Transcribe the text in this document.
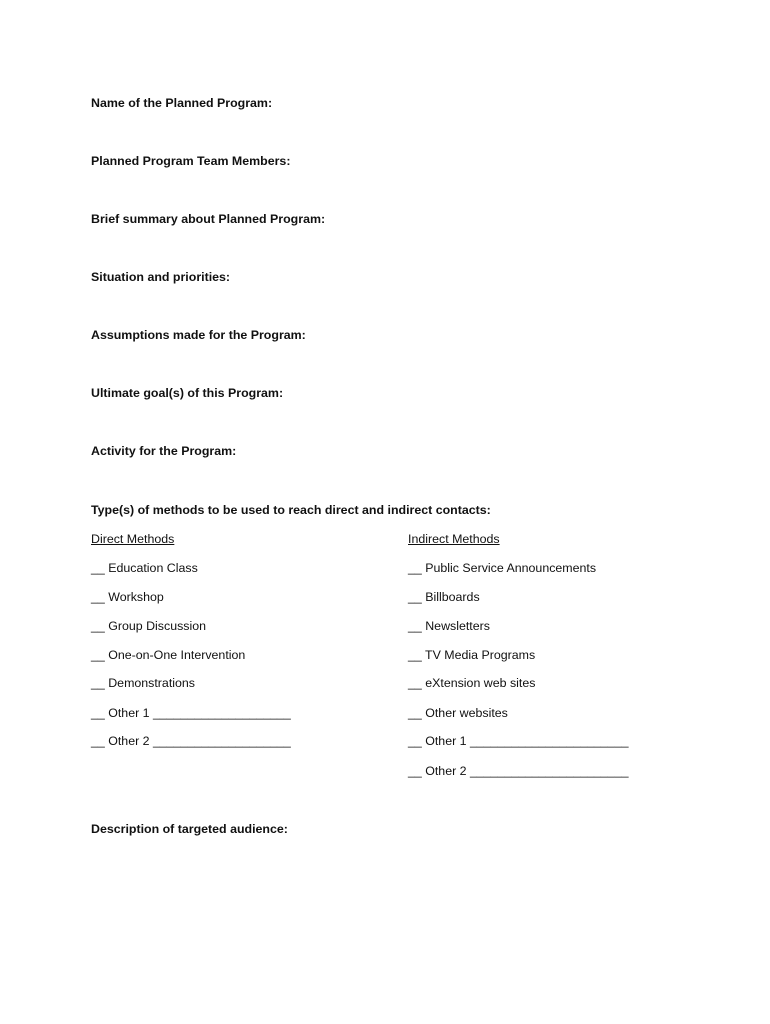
Name of the Planned Program:
Planned Program Team Members:
Brief summary about Planned Program:
Situation and priorities:
Assumptions made for the Program:
Ultimate goal(s) of this Program:
Activity for the Program:
Type(s) of methods to be used to reach direct and indirect contacts:
Direct Methods	Indirect Methods
__ Education Class
__ Workshop
__ Group Discussion
__ One-on-One Intervention
__ Demonstrations
__ Other 1 ____________________
__ Other 2 ____________________
__ Public Service Announcements
__ Billboards
__ Newsletters
__ TV Media Programs
__ eXtension web sites
__ Other websites
__ Other 1 _______________________
__ Other 2 _______________________
Description of targeted audience:
